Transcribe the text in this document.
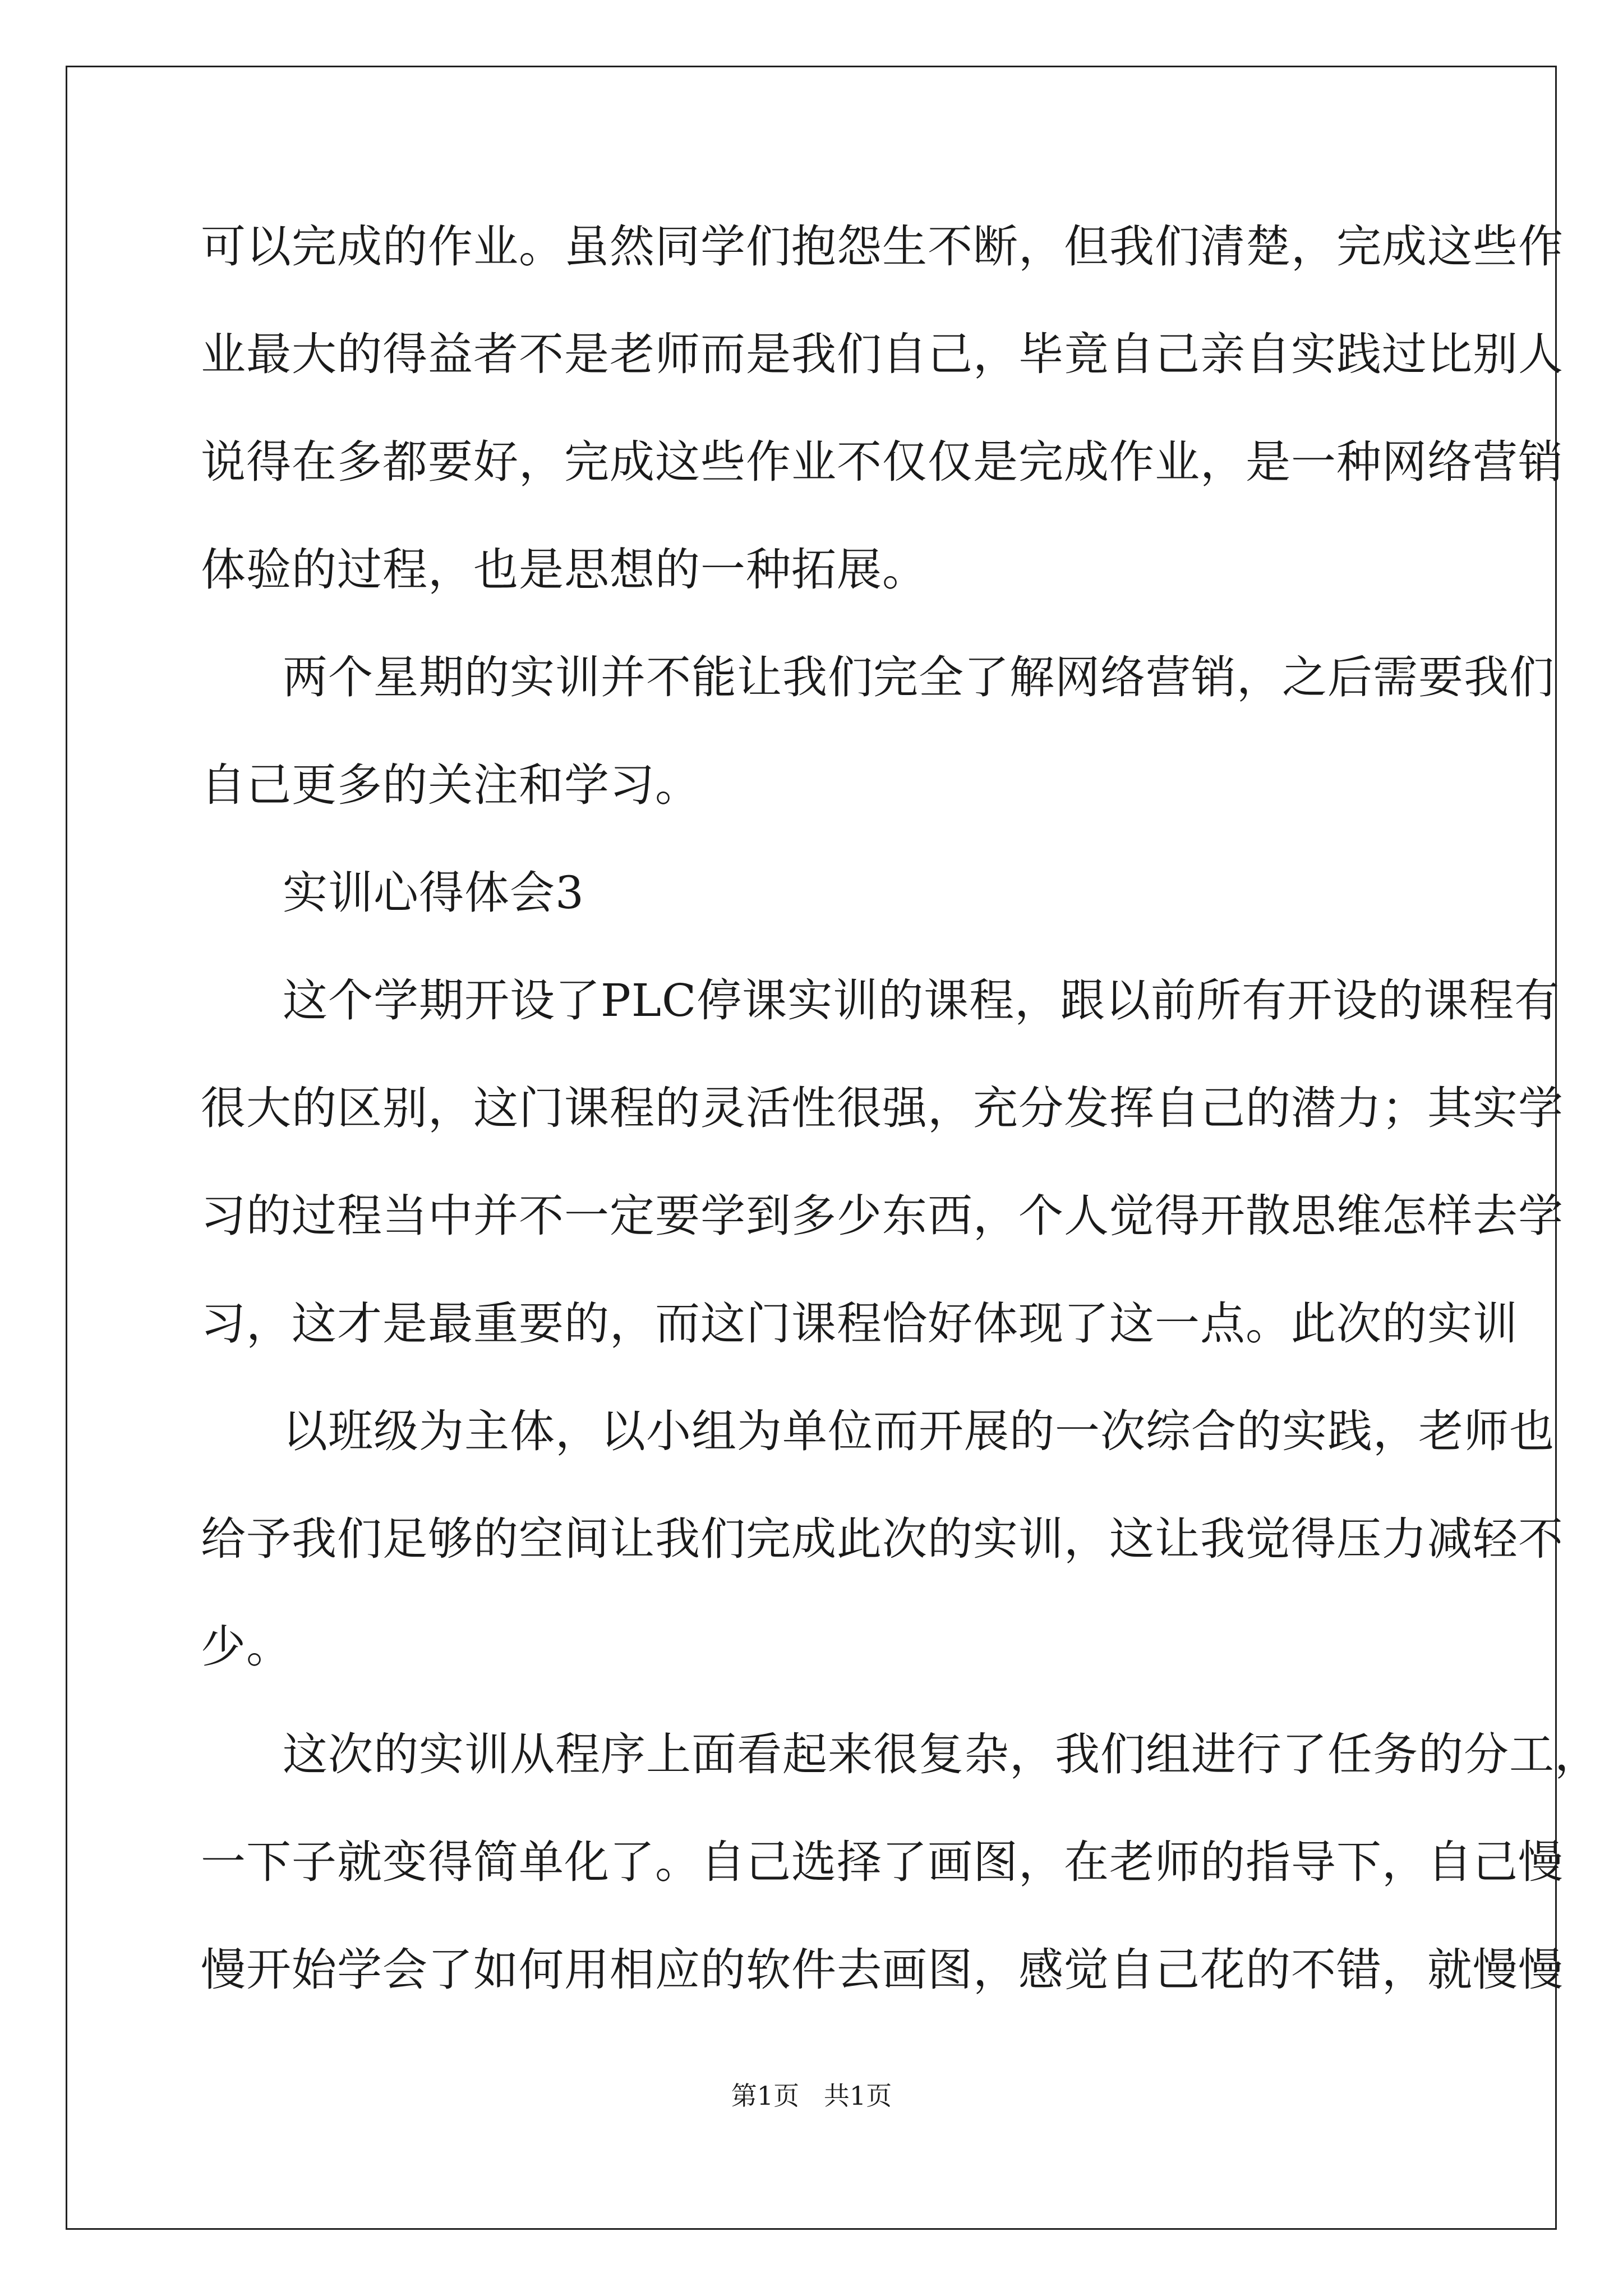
可以完成的作业。虽然同学们抱怨生不断，但我们清楚，完成这些作
业最大的得益者不是老师而是我们自己，毕竟自己亲自实践过比别人
说得在多都要好，完成这些作业不仅仅是完成作业，是一种网络营销
体验的过程，也是思想的一种拓展。
两个星期的实训并不能让我们完全了解网络营销，之后需要我们
自己更多的关注和学习。
实训心得体会3
这个学期开设了PLC停课实训的课程，跟以前所有开设的课程有
很大的区别，这门课程的灵活性很强，充分发挥自己的潜力；其实学
习的过程当中并不一定要学到多少东西，个人觉得开散思维怎样去学
习，这才是最重要的，而这门课程恰好体现了这一点。此次的实训
以班级为主体，以小组为单位而开展的一次综合的实践，老师也
给予我们足够的空间让我们完成此次的实训，这让我觉得压力减轻不
少。
这次的实训从程序上面看起来很复杂，我们组进行了任务的分工，
一下子就变得简单化了。自己选择了画图，在老师的指导下，自己慢
慢开始学会了如何用相应的软件去画图，感觉自己花的不错，就慢慢
第1页   共1页
